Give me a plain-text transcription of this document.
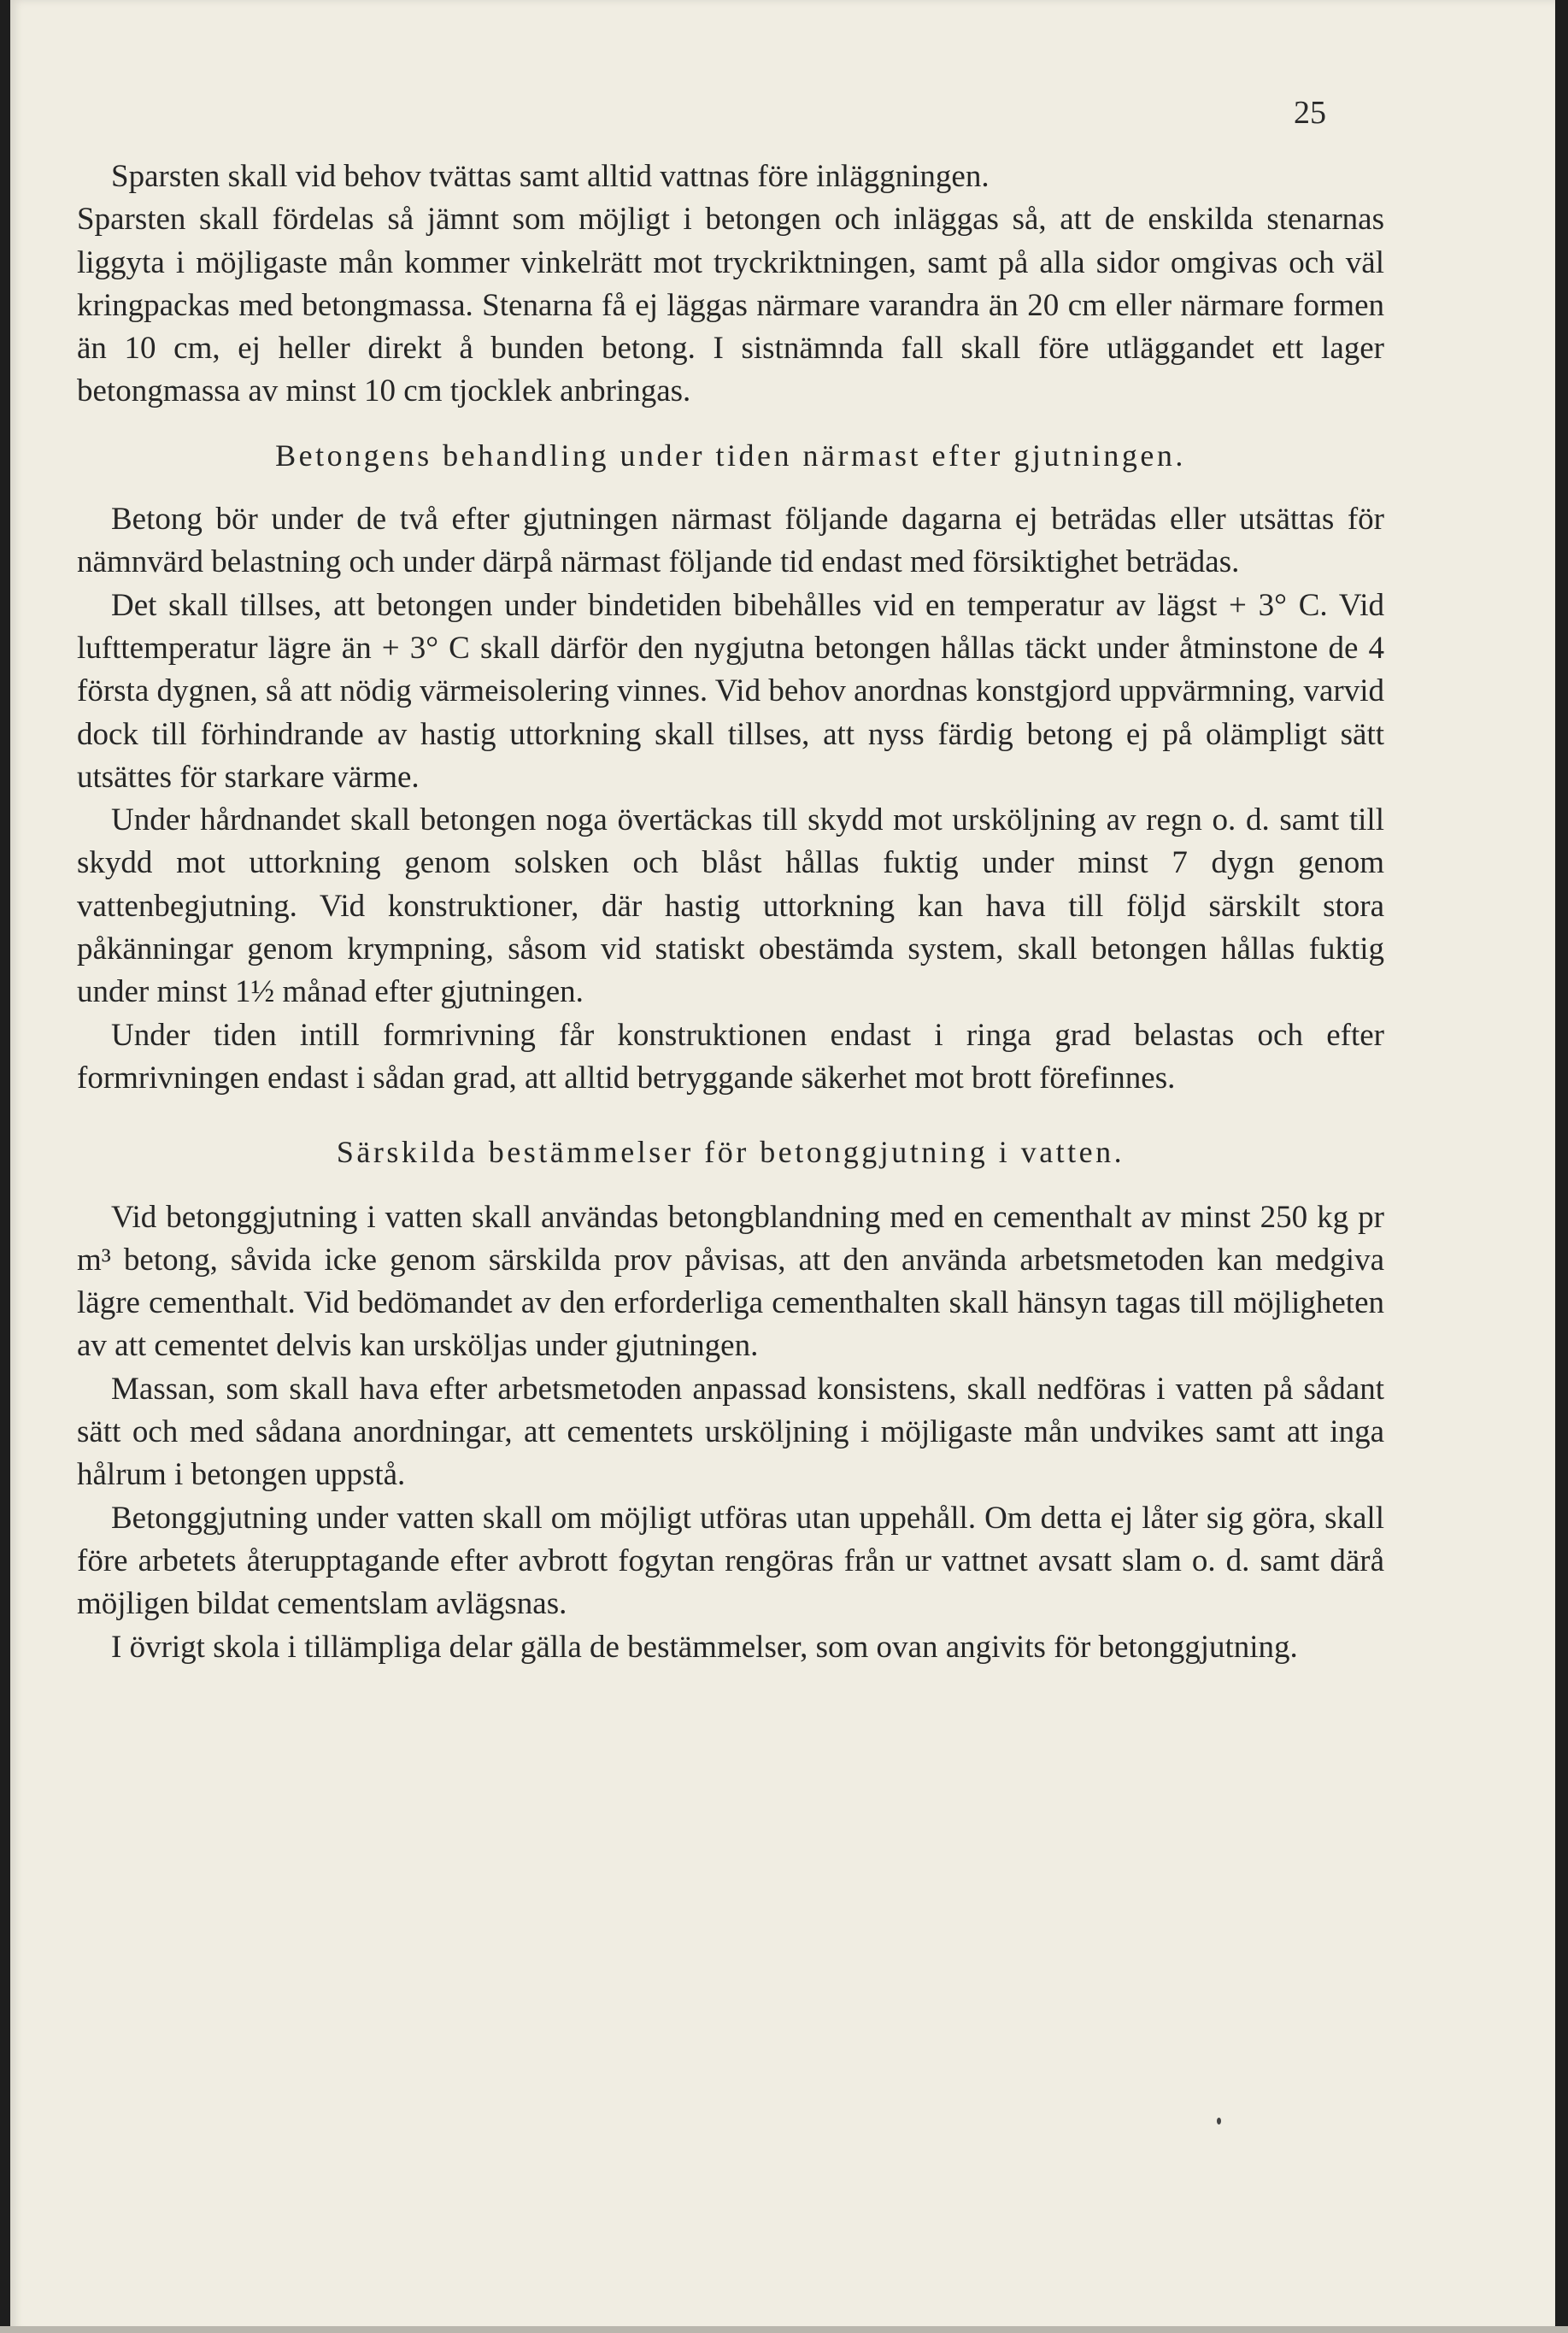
25

Sparsten skall vid behov tvättas samt alltid vattnas före inläggningen.

Sparsten skall fördelas så jämnt som möjligt i betongen och inläggas så, att de enskilda stenarnas liggyta i möjligaste mån kommer vinkelrätt mot tryckriktningen, samt på alla sidor omgivas och väl kringpackas med betongmassa. Stenarna få ej läggas närmare varandra än 20 cm eller närmare formen än 10 cm, ej heller direkt å bunden betong. I sistnämnda fall skall före utläggandet ett lager betongmassa av minst 10 cm tjocklek anbringas.

Betongens behandling under tiden närmast efter gjutningen.

Betong bör under de två efter gjutningen närmast följande dagarna ej beträdas eller utsättas för nämnvärd belastning och under därpå närmast följande tid endast med försiktighet beträdas.

Det skall tillses, att betongen under bindetiden bibehålles vid en temperatur av lägst + 3° C. Vid lufttemperatur lägre än + 3° C skall därför den nygjutna betongen hållas täckt under åtminstone de 4 första dygnen, så att nödig värmeisolering vinnes. Vid behov anordnas konstgjord uppvärmning, varvid dock till förhindrande av hastig uttorkning skall tillses, att nyss färdig betong ej på olämpligt sätt utsättes för starkare värme.

Under hårdnandet skall betongen noga övertäckas till skydd mot ursköljning av regn o. d. samt till skydd mot uttorkning genom solsken och blåst hållas fuktig under minst 7 dygn genom vattenbegjutning. Vid konstruktioner, där hastig uttorkning kan hava till följd särskilt stora påkänningar genom krympning, såsom vid statiskt obestämda system, skall betongen hållas fuktig under minst 1½ månad efter gjutningen.

Under tiden intill formrivning får konstruktionen endast i ringa grad belastas och efter formrivningen endast i sådan grad, att alltid betryggande säkerhet mot brott förefinnes.

Särskilda bestämmelser för betonggjutning i vatten.

Vid betonggjutning i vatten skall användas betongblandning med en cementhalt av minst 250 kg pr m³ betong, såvida icke genom särskilda prov påvisas, att den använda arbetsmetoden kan medgiva lägre cementhalt. Vid bedömandet av den erforderliga cementhalten skall hänsyn tagas till möjligheten av att cementet delvis kan ursköljas under gjutningen.

Massan, som skall hava efter arbetsmetoden anpassad konsistens, skall nedföras i vatten på sådant sätt och med sådana anordningar, att cementets ursköljning i möjligaste mån undvikes samt att inga hålrum i betongen uppstå.

Betonggjutning under vatten skall om möjligt utföras utan uppehåll. Om detta ej låter sig göra, skall före arbetets återupptagande efter avbrott fogytan rengöras från ur vattnet avsatt slam o. d. samt därå möjligen bildat cementslam avlägsnas.

I övrigt skola i tillämpliga delar gälla de bestämmelser, som ovan angivits för betonggjutning.
